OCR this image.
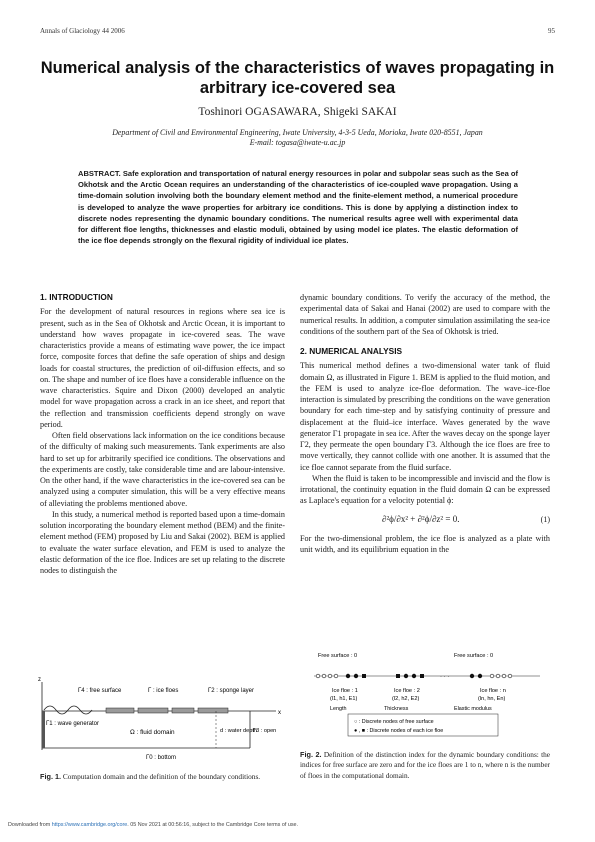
Annals of Glaciology 44 2006	95
Numerical analysis of the characteristics of waves propagating in arbitrary ice-covered sea
Toshinori OGASAWARA, Shigeki SAKAI
Department of Civil and Environmental Engineering, Iwate University, 4-3-5 Ueda, Morioka, Iwate 020-8551, Japan
E-mail: togasa@iwate-u.ac.jp
ABSTRACT. Safe exploration and transportation of natural energy resources in polar and subpolar seas such as the Sea of Okhotsk and the Arctic Ocean requires an understanding of the characteristics of ice-coupled wave propagation. Using a time-domain solution involving both the boundary element method and the finite-element method, a numerical procedure is developed to analyze the wave properties for arbitrary ice conditions. This is done by applying a distinction index to discrete nodes representing the dynamic boundary conditions. The numerical results agree well with experimental data for different floe lengths, thicknesses and elastic moduli, obtained by using model ice plates. The elastic deformation of the ice floe depends strongly on the flexural rigidity of individual ice plates.
1. INTRODUCTION

For the development of natural resources in regions where sea ice is present, such as in the Sea of Okhotsk and Arctic Ocean, it is important to understand how waves propagate in ice-covered seas. The wave characteristics provide a means of estimating wave power, the ice impact force, composite forces that define the safe operation of ships and design loads for coastal structures, the prediction of oil-diffusion effects, and so on. The shape and number of ice floes have a considerable influence on the wave characteristics. Squire and Dixon (2000) developed an analytic model for wave propagation across a crack in an ice sheet, and report that the reflection and transmission coefficients depend strongly on wave period.

Often field observations lack information on the ice conditions because of the difficulty of making such measurements. Tank experiments are also hard to set up for arbitrarily specified ice conditions. The observations and the experiments are costly, take considerable time and are labour-intensive. On the other hand, if the wave characteristics in the ice-covered sea can be analyzed using a computer simulation, this will be a very effective means of alleviating the problems mentioned above.

In this study, a numerical method is reported based upon a time-domain solution incorporating the boundary element method (BEM) and the finite-element method (FEM) proposed by Liu and Sakai (2002). BEM is applied to evaluate the water surface elevation, and FEM is used to analyze the elastic deformation of the ice floe. Indices are set up relating to the discrete nodes to distinguish the

dynamic boundary conditions. To verify the accuracy of the method, the experimental data of Sakai and Hanai (2002) are used to compare with the numerical results. In addition, a computer simulation assimilating the sea-ice conditions of the southern part of the Sea of Okhotsk is tried.

2. NUMERICAL ANALYSIS

This numerical method defines a two-dimensional water tank of fluid domain Ω, as illustrated in Figure 1. BEM is applied to the fluid motion, and the FEM is used to analyze ice-floe deformation. The wave–ice-floe interaction is simulated by prescribing the conditions on the wave generation boundary for each time-step and by satisfying continuity of pressure and displacement at the fluid–ice interface. Waves generated by the wave generator Γ1 propagate in sea ice. After the waves decay on the sponge layer Γ2, they permeate the open boundary Γ3. Although the ice floes are free to move vertically, they cannot collide with one another. It is assumed that the ice floe cannot separate from the fluid surface.

When the fluid is taken to be incompressible and inviscid and the flow is irrotational, the continuity equation in the fluid domain Ω can be expressed as Laplace's equation for a velocity potential ϕ:

∂²ϕ/∂x² + ∂²ϕ/∂z² = 0.	(1)

For the two-dimensional problem, the ice floe is analyzed as a plate with unit width, and its equilibrium equation in the

z
x
Γ4 : free surface	Γ : ice floes	Γ2 : sponge layer
Γ1 : wave generator
Ω : fluid domain	d : water depth
Γ3 : open
Γ0 : bottom
Fig. 1. Computation domain and the definition of the boundary conditions.
Free surface : 0	Free surface : 0
· · ·
Ice floe : 1
(l1, h1, E1)
Ice floe : 2
(l2, h2, E2)
Ice floe : n
(ln, hn, En)
Length	Thickness	Elastic modulus
○ : Discrete nodes of free surface
● , ■ : Discrete nodes of each ice floe
Fig. 2. Definition of the distinction index for the dynamic boundary conditions: the indices for free surface are zero and for the ice floes are 1 to n, where n is the number of floes in the computational domain.
Downloaded from https://www.cambridge.org/core. 05 Nov 2021 at 00:56:16, subject to the Cambridge Core terms of use.
